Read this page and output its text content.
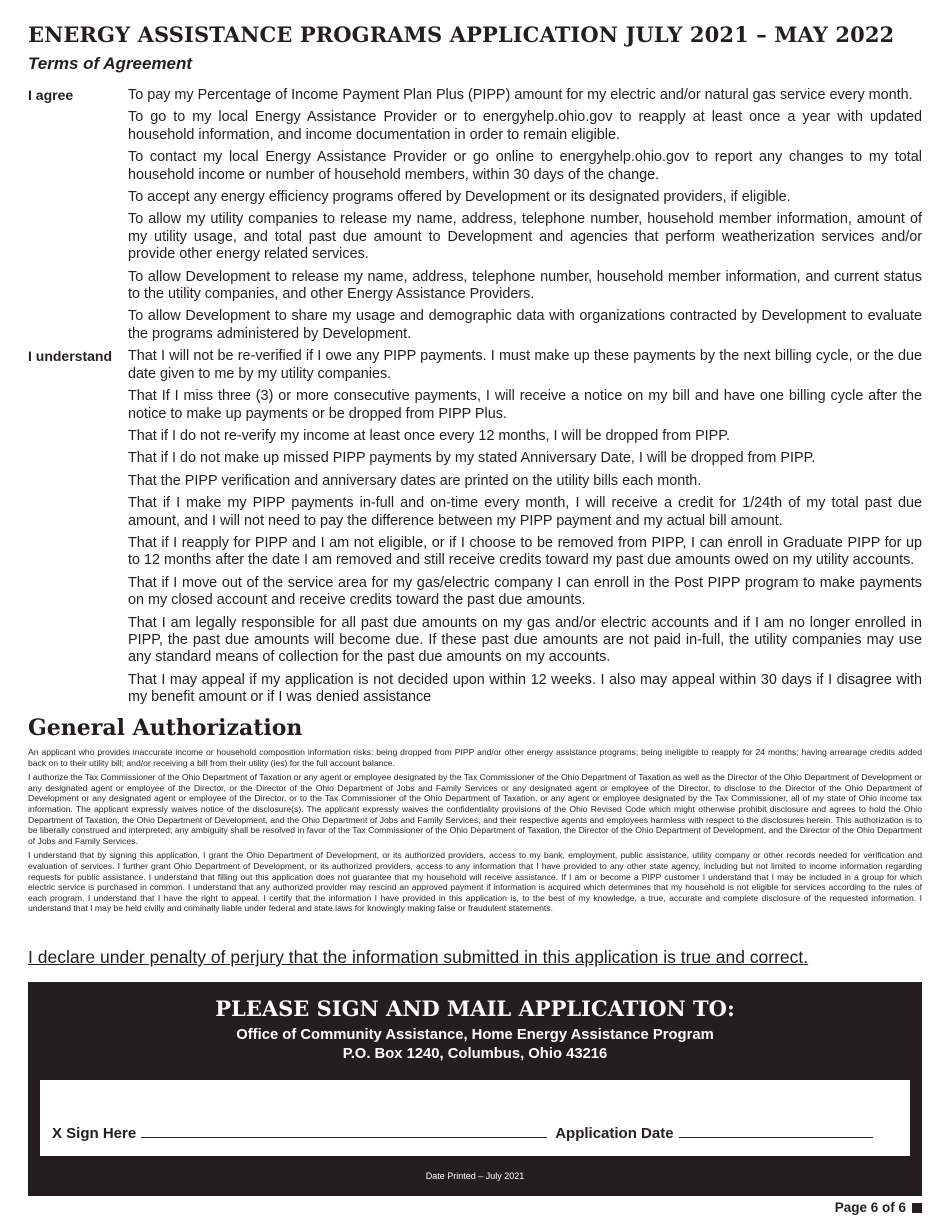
ENERGY ASSISTANCE PROGRAMS APPLICATION JULY 2021 – MAY 2022
Terms of Agreement
I agree	To pay my Percentage of Income Payment Plan Plus (PIPP) amount for my electric and/or natural gas service every month.
To go to my local Energy Assistance Provider or to energyhelp.ohio.gov to reapply at least once a year with updated household information, and income documentation in order to remain eligible.
To contact my local Energy Assistance Provider or go online to energyhelp.ohio.gov to report any changes to my total household income or number of household members, within 30 days of the change.
To accept any energy efficiency programs offered by Development or its designated providers, if eligible.
To allow my utility companies to release my name, address, telephone number, household member information, amount of my utility usage, and total past due amount to Development and agencies that perform weatherization services and/or provide other energy related services.
To allow Development to release my name, address, telephone number, household member information, and current status to the utility companies, and other Energy Assistance Providers.
To allow Development to share my usage and demographic data with organizations contracted by Development to evaluate the programs administered by Development.
I understand	That I will not be re-verified if I owe any PIPP payments. I must make up these payments by the next billing cycle, or the due date given to me by my utility companies.
That If I miss three (3) or more consecutive payments, I will receive a notice on my bill and have one billing cycle after the notice to make up payments or be dropped from PIPP Plus.
That if I do not re-verify my income at least once every 12 months, I will be dropped from PIPP.
That if I do not make up missed PIPP payments by my stated Anniversary Date, I will be dropped from PIPP.
That the PIPP verification and anniversary dates are printed on the utility bills each month.
That if I make my PIPP payments in-full and on-time every month, I will receive a credit for 1/24th of my total past due amount, and I will not need to pay the difference between my PIPP payment and my actual bill amount.
That if I reapply for PIPP and I am not eligible, or if I choose to be removed from PIPP, I can enroll in Graduate PIPP for up to 12 months after the date I am removed and still receive credits toward my past due amounts owed on my utility accounts.
That if I move out of the service area for my gas/electric company I can enroll in the Post PIPP program to make payments on my closed account and receive credits toward the past due amounts.
That I am legally responsible for all past due amounts on my gas and/or electric accounts and if I am no longer enrolled in PIPP, the past due amounts will become due. If these past due amounts are not paid in-full, the utility companies may use any standard means of collection for the past due amounts on my accounts.
That I may appeal if my application is not decided upon within 12 weeks. I also may appeal within 30 days if I disagree with my benefit amount or if I was denied assistance
General Authorization
An applicant who provides inaccurate income or household composition information risks: being dropped from PIPP and/or other energy assistance programs; being ineligible to reapply for 24 months; having arrearage credits added back on to their utility bill; and/or receiving a bill from their utility (ies) for the full account balance.
I authorize the Tax Commissioner of the Ohio Department of Taxation or any agent or employee designated by the Tax Commissioner of the Ohio Department of Taxation as well as the Director of the Ohio Department of Development or any designated agent or employee of the Director, or the Director of the Ohio Department of Jobs and Family Services or any designated agent or employee of the Director, to disclose to the Director of the Ohio Department of Development or any designated agent or employee of the Director, or to the Tax Commissioner of the Ohio Department of Taxation, or any agent or employee designated by the Tax Commissioner, all of my state of Ohio income tax information. The applicant expressly waives notice of the disclosure(s). The applicant expressly waives the confidentiality provisions of the Ohio Revised Code which might otherwise prohibit disclosure and agrees to hold the Ohio Department of Taxation, the Ohio Department of Development, and the Ohio Department of Jobs and Family Services, and their respective agents and employees harmless with respect to the disclosures herein. This authorization is to be liberally construed and interpreted; any ambiguity shall be resolved in favor of the Tax Commissioner of the Ohio Department of Taxation, the Director of the Ohio Department of Development, and the Director of the Ohio Department of Jobs and Family Services.
I understand that by signing this application, I grant the Ohio Department of Development, or its authorized providers, access to my bank, employment, public assistance, utility company or other records needed for verification and evaluation of services. I further grant Ohio Department of Development, or its authorized providers, access to any information that I have provided to any other state agency, including but not limited to income information regarding requests for public assistance. I understand that filling out this application does not guarantee that my household will receive assistance. If I am or become a PIPP customer I understand that I may be included in a group for which electric service is purchased in common. I understand that any authorized provider may rescind an approved payment if information is acquired which determines that my household is not eligible for services according to the rules of each program. I understand that I have the right to appeal. I certify that the information I have provided in this application is, to the best of my knowledge, a true, accurate and complete disclosure of the requested information. I understand that I may be held civilly and criminally liable under federal and state laws for knowingly making false or fraudulent statements.
I declare under penalty of perjury that the information submitted in this application is true and correct.
PLEASE SIGN AND MAIL APPLICATION TO:
Office of Community Assistance, Home Energy Assistance Program
P.O. Box 1240, Columbus, Ohio 43216
X Sign Here	Application Date
Date Printed – July 2021
Page 6 of 6
